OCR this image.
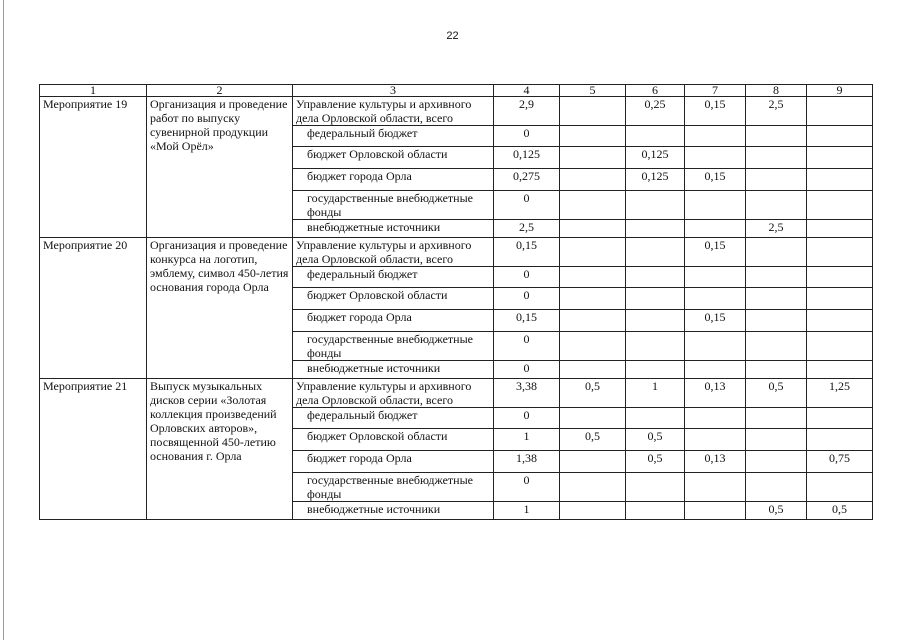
22
1	2	3	4	5	6	7	8	9
Мероприятие 19	Организация и проведение работ по выпуску сувенирной продукции «Мой Орёл»	Управление культуры и архивного дела Орловской области, всего	2,9		0,25	0,15	2,5	
		федеральный бюджет	0					
		бюджет Орловской области	0,125		0,125			
		бюджет города Орла	0,275		0,125	0,15		
		государственные внебюджетные фонды	0					
		внебюджетные источники	2,5				2,5	
Мероприятие 20	Организация и проведение конкурса на логотип, эмблему, символ 450-летия основания города Орла	Управление культуры и архивного дела Орловской области, всего	0,15			0,15		
		федеральный бюджет	0					
		бюджет Орловской области	0					
		бюджет города Орла	0,15			0,15		
		государственные внебюджетные фонды	0					
		внебюджетные источники	0					
Мероприятие 21	Выпуск музыкальных дисков серии «Золотая коллекция произведений Орловских авторов», посвященной 450-летию основания г. Орла	Управление культуры и архивного дела Орловской области, всего	3,38	0,5	1	0,13	0,5	1,25
		федеральный бюджет	0					
		бюджет Орловской области	1	0,5	0,5			
		бюджет города Орла	1,38		0,5	0,13		0,75
		государственные внебюджетные фонды	0					
		внебюджетные источники	1				0,5	0,5
